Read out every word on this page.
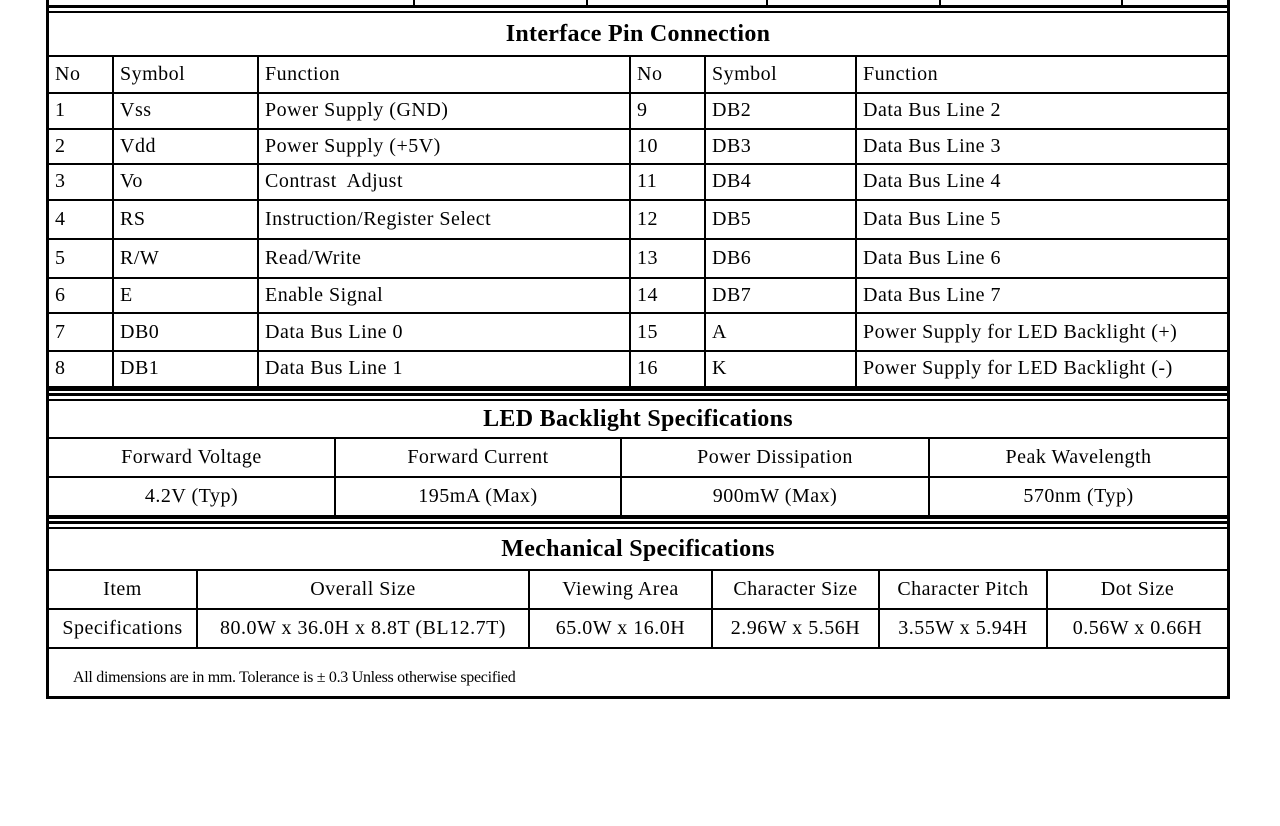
Interface Pin Connection					
No	Symbol	Function	No	Symbol	Function
1	Vss	Power Supply (GND)	9	DB2	Data Bus Line 2
2	Vdd	Power Supply (+5V)	10	DB3	Data Bus Line 3
3	Vo	Contrast  Adjust	11	DB4	Data Bus Line 4
4	RS	Instruction/Register Select	12	DB5	Data Bus Line 5
5	R/W	Read/Write	13	DB6	Data Bus Line 6
6	E	Enable Signal	14	DB7	Data Bus Line 7
7	DB0	Data Bus Line 0	15	A	Power Supply for LED Backlight (+)
8	DB1	Data Bus Line 1	16	K	Power Supply for LED Backlight (-)
LED Backlight Specifications			
Forward Voltage	Forward Current	Power Dissipation	Peak Wavelength
4.2V (Typ)	195mA (Max)	900mW (Max)	570nm (Typ)
Mechanical Specifications					
Item	Overall Size	Viewing Area	Character Size	Character Pitch	Dot Size
Specifications	80.0W x 36.0H x 8.8T (BL12.7T)	65.0W x 16.0H	2.96W x 5.56H	3.55W x 5.94H	0.56W x 0.66H
All dimensions are in mm. Tolerance is ± 0.3 Unless otherwise specified
